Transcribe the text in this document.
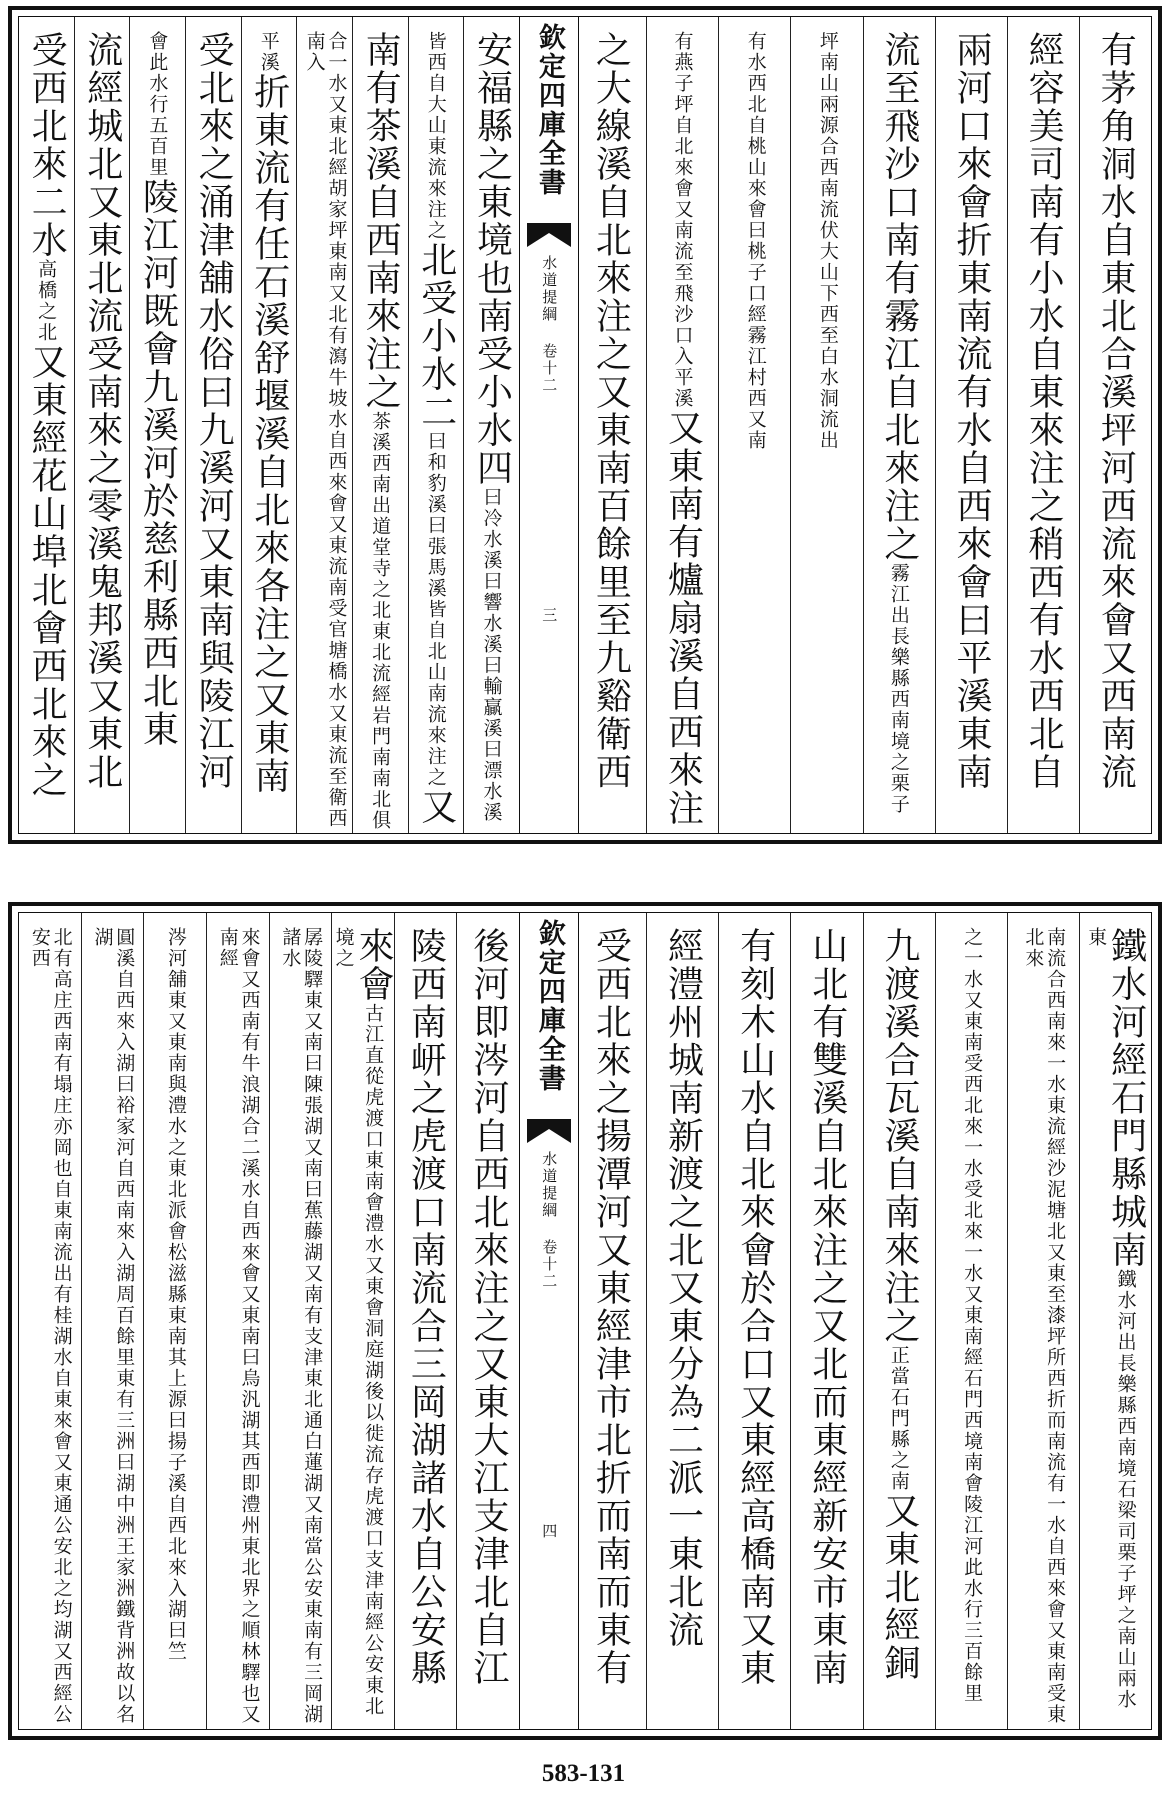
有茅角洞水自東北合溪坪河西流來會又西南流
經容美司南有小水自東來注之稍西有水西北自
兩河口來會折東南流有水自西來會曰平溪東南
流至飛沙口南有霧江自北來注之霧江出長樂縣西南境之栗子
坪南山兩源合西南流伏大山下西至白水洞流出
有水西北自桃山來會曰桃子口經霧江村西又南
有燕子坪自北來會又南流至飛沙口入平溪又東南有爐扇溪自西來注
之大線溪自北來注之又東南百餘里至九谿衛西
欽定四庫全書
水道提綱 卷十二
三
安福縣之東境也南受小水四曰冷水溪曰響水溪曰輸贏溪曰漂水溪
皆西自大山東流來注之北受小水二曰和豹溪曰張馬溪皆自北山南流來注之又
南有茶溪自西南來注之茶溪西南出道堂寺之北東北流經岩門南南北俱
合一水又東北經胡家坪東南又北有瀉牛坡水自西來會又東流南受官塘橋水又東流至衛西南入
平溪折東流有任石溪舒堰溪自北來各注之又東南
受北來之涌津舖水俗曰九溪河又東南與陵江河
會此水行五百里陵江河既會九溪河於慈利縣西北東
流經城北又東北流受南來之零溪鬼邦溪又東北
受西北來二水高橋之北又東經花山埠北會西北來之
鐵水河經石門縣城南鐵水河出長樂縣西南境石梁司栗子坪之南山兩水東
南流合西南來一水東流經沙泥塘北又東至漆坪所西折而南流有一水自西來會又東南受東北來
之一水又東南受西北來一水受北來一水又東南經石門西境南會陵江河此水行三百餘里
九渡溪合瓦溪自南來注之正當石門縣之南又東北經銅
山北有雙溪自北來注之又北而東經新安市東南
有刻木山水自北來會於合口又東經高橋南又東
經澧州城南新渡之北又東分為二派一東北流
受西北來之揚潭河又東經津市北折而南而東有
欽定四庫全書
水道提綱 卷十二
四
後河即涔河自西北來注之又東大江支津北自江
陵西南岍之虎渡口南流合三岡湖諸水自公安縣
來會古江直從虎渡口東南會澧水又東會洞庭湖後以徙流存虎渡口支津南經公安東北境之
孱陵驛東又南曰陳張湖又南曰蕉藤湖又南有支津東北通白蓮湖又南當公安東南有三岡湖諸水
來會又西南有牛浪湖合二溪水自西來會又東南曰烏汎湖其西即澧州東北界之順林驛也又南經
涔河舖東又東南與澧水之東北派會松滋縣東南其上源曰揚子溪自西北來入湖曰竺
圓溪自西來入湖曰裕家河自西南來入湖周百餘里東有三洲曰湖中洲王家洲鐵背洲故以名湖
北有高庄西南有塌庄亦岡也自東南流出有桂湖水自東來會又東通公安北之均湖又西經公安西
583-131
